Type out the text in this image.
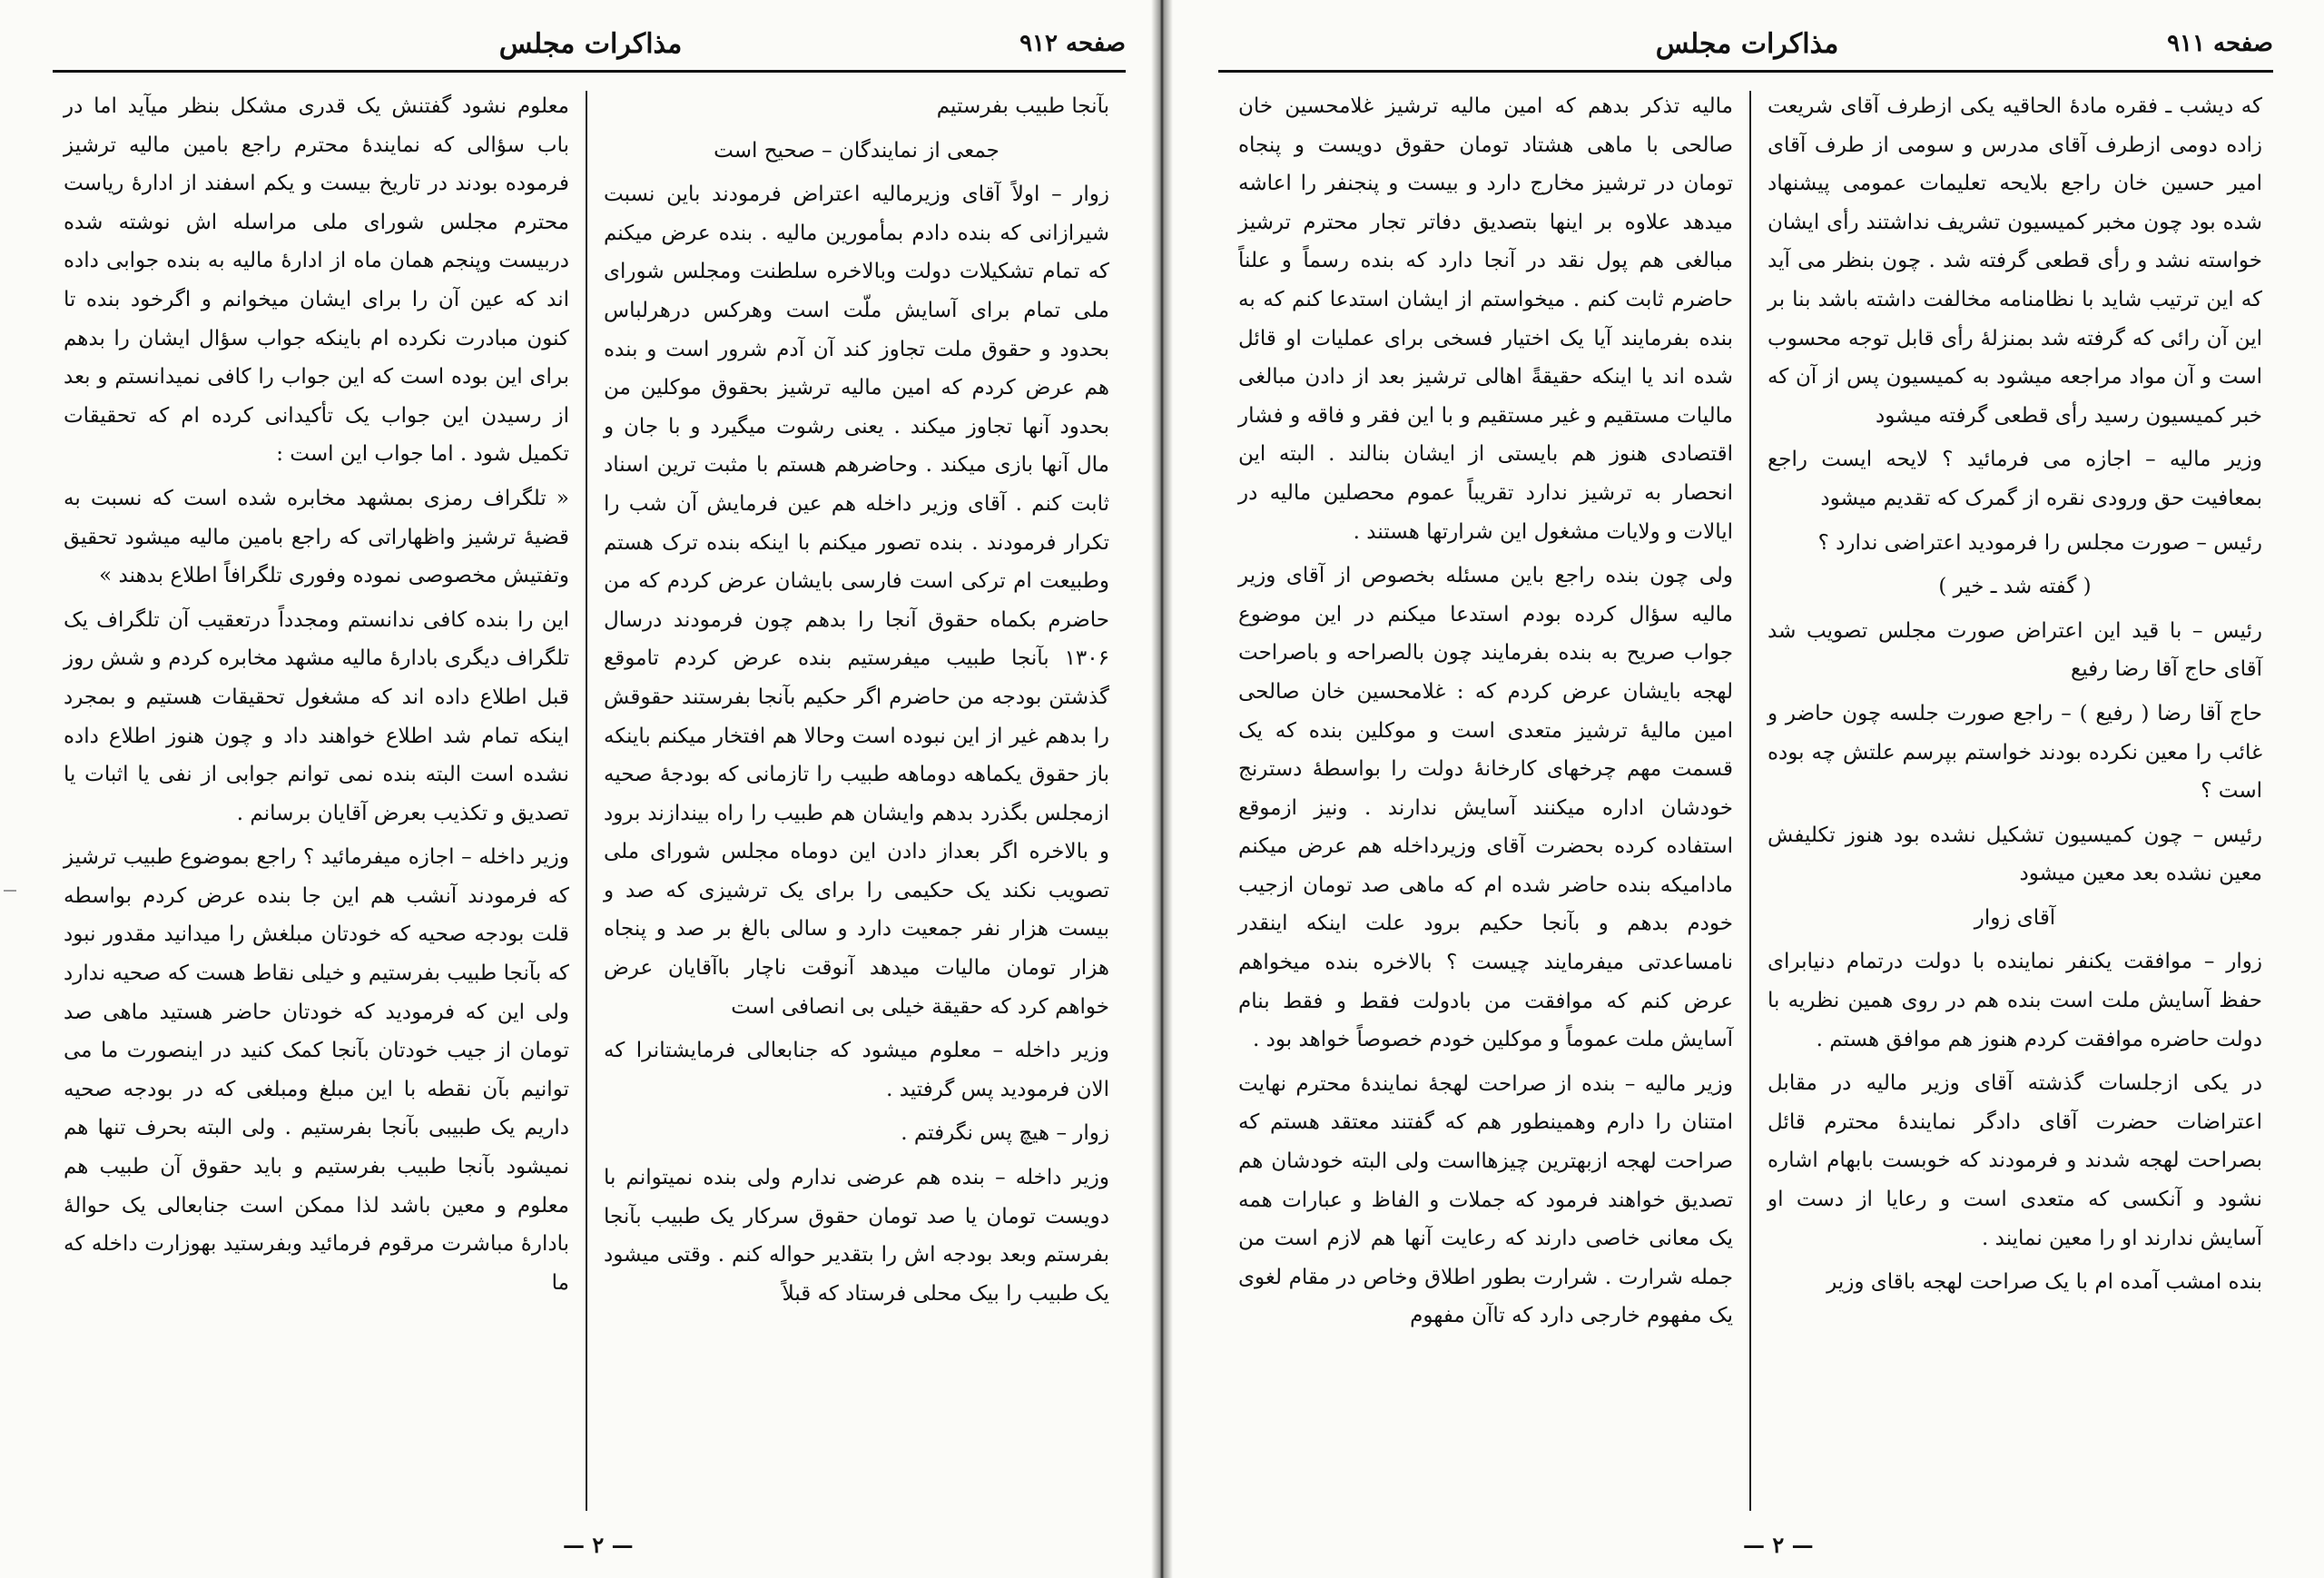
صفحه ۹۱۲
مذاکرات مجلس

بآنجا طبیب بفرستیم

جمعی از نمایندگان – صحیح است

زوار – اولاً آقای وزیرمالیه اعتراض فرمودند باین نسبت شیرازانی که بنده دادم بمأمورین مالیه . بنده عرض میکنم که تمام تشکیلات دولت وبالاخره سلطنت ومجلس شورای ملی تمام برای آسایش ملّت است وهرکس درهرلباس بحدود و حقوق ملت تجاوز کند آن آدم شرور است و بنده هم عرض کردم که امین مالیه ترشیز بحقوق موکلین من بحدود آنها تجاوز میکند . یعنی رشوت میگیرد و با جان و مال آنها بازی میکند . وحاضرهم هستم با مثبت ترین اسناد ثابت کنم . آقای وزیر داخله هم عین فرمایش آن شب را تکرار فرمودند . بنده تصور میکنم با اینکه بنده ترک هستم وطبیعت ام ترکی است فارسی بایشان عرض کردم که من حاضرم بکماه حقوق آنجا را بدهم چون فرمودند درسال ۱۳۰۶ بآنجا طبیب میفرستیم بنده عرض کردم تاموقع گذشتن بودجه من حاضرم اگر حکیم بآنجا بفرستند حقوقش را بدهم غیر از این نبوده است وحالا هم افتخار میکنم باینکه باز حقوق یکماهه دوماهه طبیب را تازمانی که بودجهٔ صحیه ازمجلس بگذرد بدهم وایشان هم طبیب را راه بیندازند برود و بالاخره اگر بعداز دادن این دوماه مجلس شورای ملی تصویب نکند یک حکیمی را برای یک ترشیزی که صد و بیست هزار نفر جمعیت دارد و سالی بالغ بر صد و پنجاه هزار تومان مالیات میدهد آنوقت ناچار باآقایان عرض خواهم کرد که حقیقة خیلی بی انصافی است

وزیر داخله – معلوم میشود که جنابعالی فرمایشتانرا که الان فرمودید پس گرفتید .

زوار – هیچ پس نگرفتم .

وزیر داخله – بنده هم عرضی ندارم ولی بنده نمیتوانم با دویست تومان یا صد تومان حقوق سرکار یک طبیب بآنجا بفرستم وبعد بودجه اش را بتقدیر حواله کنم . وقتی میشود یک طبیب را بیک محلی فرستاد که قبلاً

معلوم نشود گفتنش یک قدری مشکل بنظر میآید اما در باب سؤالی که نمایندهٔ محترم راجع بامین مالیه ترشیز فرموده بودند در تاریخ بیست و یکم اسفند از ادارهٔ ریاست محترم مجلس شورای ملی مراسله اش نوشته شده دربیست وپنجم همان ماه از ادارهٔ مالیه به بنده جوابی داده اند که عین آن را برای ایشان میخوانم و اگرخود بنده تا کنون مبادرت نکرده ام باینکه جواب سؤال ایشان را بدهم برای این بوده است که این جواب را کافی نمیدانستم و بعد از رسیدن این جواب یک تأکیدانی کرده ام که تحقیقات تکمیل شود . اما جواب این است :

« تلگراف رمزی بمشهد مخابره شده است که نسبت به قضیهٔ ترشیز واظهاراتی که راجع بامین مالیه میشود تحقیق وتفتیش مخصوصی نموده وفوری تلگرافاً اطلاع بدهند »

این را بنده کافی ندانستم ومجدداً درتعقیب آن تلگراف یک تلگراف دیگری بادارهٔ مالیه مشهد مخابره کردم و شش روز قبل اطلاع داده اند که مشغول تحقیقات هستیم و بمجرد اینکه تمام شد اطلاع خواهند داد و چون هنوز اطلاع داده نشده است البته بنده نمی توانم جوابی از نفی یا اثبات یا تصدیق و تکذیب بعرض آقایان برسانم .

وزیر داخله – اجازه میفرمائید ؟ راجع بموضوع طبیب ترشیز که فرمودند آنشب هم این جا بنده عرض کردم بواسطه قلت بودجه صحیه که خودتان مبلغش را میدانید مقدور نبود که بآنجا طبیب بفرستیم و خیلی نقاط هست که صحیه ندارد ولی این که فرمودید که خودتان حاضر هستید ماهی صد تومان از جیب خودتان بآنجا کمک کنید در اینصورت ما می توانیم بآن نقطه با این مبلغ ومبلغی که در بودجه صحیه داریم یک طبیبی بآنجا بفرستیم . ولی البته بحرف تنها هم نمیشود بآنجا طبیب بفرستیم و باید حقوق آن طبیب هم معلوم و معین باشد لذا ممکن است جنابعالی یک حوالهٔ بادارهٔ مباشرت مرقوم فرمائید وبفرستید بهوزارت داخله که ما

— ۲ —
صفحه ۹۱۱
مذاکرات مجلس

که دیشب ـ فقره مادهٔ الحاقیه یکی ازطرف آقای شریعت زاده دومی ازطرف آقای مدرس و سومی از طرف آقای امیر حسین خان راجع بلایحه تعلیمات عمومی پیشنهاد شده بود چون مخبر کمیسیون تشریف نداشتند رأی ایشان خواسته نشد و رأی قطعی گرفته شد . چون بنظر می آید که این ترتیب شاید با نظامنامه مخالفت داشته باشد بنا بر این آن رائی که گرفته شد بمنزلهٔ رأی قابل توجه محسوب است و آن مواد مراجعه میشود به کمیسیون پس از آن که خبر کمیسیون رسید رأی قطعی گرفته میشود

وزیر مالیه – اجازه می فرمائید ؟ لایحه ایست راجع بمعافیت حق ورودی نقره از گمرک که تقدیم میشود

رئیس – صورت مجلس را فرمودید اعتراضی ندارد ؟

( گفته شد ـ خیر )

رئیس – با قید این اعتراض صورت مجلس تصویب شد آقای حاج آقا رضا رفیع

حاج آقا رضا ( رفیع ) – راجع صورت جلسه چون حاضر و غائب را معین نکرده بودند خواستم بپرسم علتش چه بوده است ؟

رئیس – چون کمیسیون تشکیل نشده بود هنوز تکلیفش معین نشده بعد معین میشود

آقای زوار

زوار – موافقت یکنفر نماینده با دولت درتمام دنیابرای حفظ آسایش ملت است بنده هم در روی همین نظریه با دولت حاضره موافقت کردم هنوز هم موافق هستم .

در یکی ازجلسات گذشته آقای وزیر مالیه در مقابل اعتراضات حضرت آقای دادگر نمایندهٔ محترم قائل بصراحت لهجه شدند و فرمودند که خوبست بابهام اشاره نشود و آنکسی که متعدی است و رعایا از دست او آسایش ندارند او را معین نمایند .

بنده امشب آمده ام با یک صراحت لهجه باقای وزیر

مالیه تذکر بدهم که امین مالیه ترشیز غلامحسین خان صالحی با ماهی هشتاد تومان حقوق دویست و پنجاه تومان در ترشیز مخارج دارد و بیست و پنجنفر را اعاشه میدهد علاوه بر اینها بتصدیق دفاتر تجار محترم ترشیز مبالغی هم پول نقد در آنجا دارد که بنده رسماً و علناً حاضرم ثابت کنم . میخواستم از ایشان استدعا کنم که به بنده بفرمایند آیا یک اختیار فسخی برای عملیات او قائل شده اند یا اینکه حقیقةً اهالی ترشیز بعد از دادن مبالغی مالیات مستقیم و غیر مستقیم و با این فقر و فاقه و فشار اقتصادی هنوز هم بایستی از ایشان بنالند . البته این انحصار به ترشیز ندارد تقریباً عموم محصلین مالیه در ایالات و ولایات مشغول این شرارتها هستند .

ولی چون بنده راجع باین مسئله بخصوص از آقای وزیر مالیه سؤال کرده بودم استدعا میکنم در این موضوع جواب صریح به بنده بفرمایند چون بالصراحه و باصراحت لهجه بایشان عرض کردم که : غلامحسین خان صالحی امین مالیهٔ ترشیز متعدی است و موکلین بنده که یک قسمت مهم چرخهای کارخانهٔ دولت را بواسطهٔ دسترنج خودشان اداره میکنند آسایش ندارند . ونیز ازموقع استفاده کرده بحضرت آقای وزیرداخله هم عرض میکنم مادامیکه بنده حاضر شده ام که ماهی صد تومان ازجیب خودم بدهم و بآنجا حکیم برود علت اینکه اینقدر نامساعدتی میفرمایند چیست ؟ بالاخره بنده میخواهم عرض کنم که موافقت من بادولت فقط و فقط بنام آسایش ملت عموماً و موکلین خودم خصوصاً خواهد بود .

وزیر مالیه – بنده از صراحت لهجهٔ نمایندهٔ محترم نهایت امتنان را دارم وهمینطور هم که گفتند معتقد هستم که صراحت لهجه ازبهترین چیزهااست ولی البته خودشان هم تصدیق خواهند فرمود که جملات و الفاظ و عبارات همه یک معانی خاصی دارند که رعایت آنها هم لازم است من جمله شرارت . شرارت بطور اطلاق وخاص در مقام لغوی یک مفهوم خارجی دارد که تاآن مفهوم

— ۲ —
